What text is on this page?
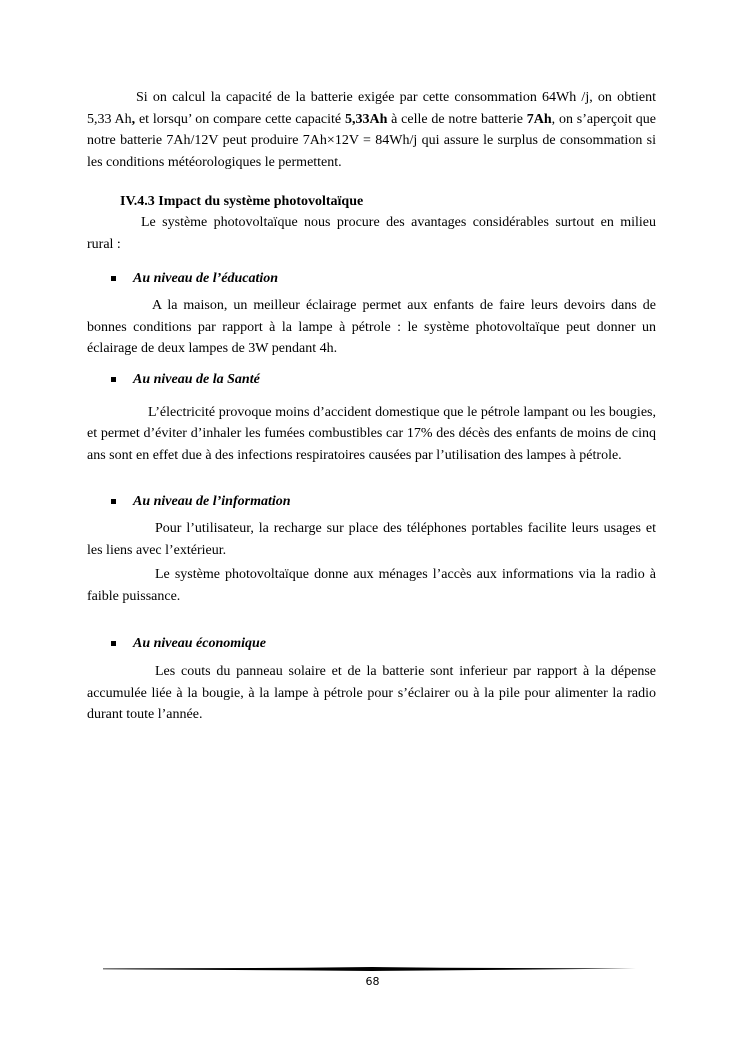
Si on calcul la capacité de la batterie exigée par cette consommation 64Wh /j, on obtient 5,33 Ah, et lorsqu’ on compare cette capacité 5,33Ah à celle de notre batterie 7Ah, on s’aperçoit que notre batterie 7Ah/12V peut produire 7Ah×12V = 84Wh/j qui assure le surplus de consommation si les conditions météorologiques le permettent.

IV.4.3 Impact du système photovoltaïque

Le système photovoltaïque nous procure des avantages considérables surtout en milieu rural :

Au niveau de l’éducation

A la maison, un meilleur éclairage permet aux enfants de faire leurs devoirs dans de bonnes conditions par rapport à la lampe à pétrole : le système photovoltaïque peut donner un éclairage de deux lampes de 3W pendant 4h.

Au niveau de la Santé

L’électricité provoque moins d’accident domestique que le pétrole lampant ou les bougies, et permet d’éviter d’inhaler les fumées combustibles car 17% des décès des enfants de moins de cinq ans sont en effet due à des infections respiratoires causées par l’utilisation des lampes à pétrole.

Au niveau de l’information

Pour l’utilisateur, la recharge sur place des téléphones portables facilite leurs usages et les liens avec l’extérieur.

Le système photovoltaïque donne aux ménages l’accès aux informations via la radio à faible puissance.

Au niveau économique

Les couts du panneau solaire et de la batterie sont inferieur par rapport à la dépense accumulée liée à la bougie, à la lampe à pétrole pour s’éclairer ou à la pile pour alimenter la radio durant toute l’année.

68
